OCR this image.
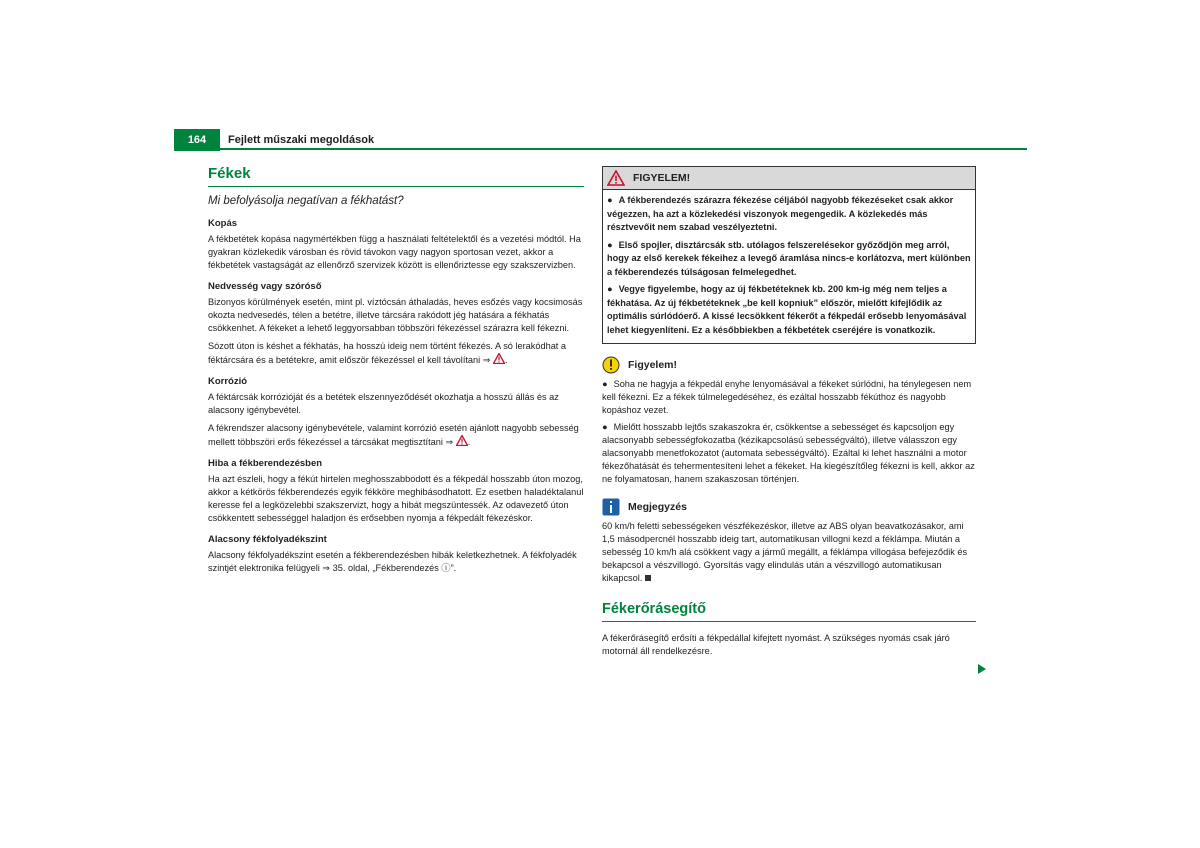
164	Fejlett műszaki megoldások
Fékek
Mi befolyásolja negatívan a fékhatást?
Kopás

A fékbetétek kopása nagymértékben függ a használati feltételektől és a vezetési módtól. Ha gyakran közlekedik városban és rövid távokon vagy nagyon sportosan vezet, akkor a fékbetétek vastagságát az ellenőrző szervizek között is ellenőriztesse egy szakszervizben.

Nedvesség vagy szóróső

Bizonyos körülmények esetén, mint pl. víztócsán áthaladás, heves esőzés vagy kocsimosás okozta nedvesedés, télen a betétre, illetve tárcsára rakódott jég hatására a fékhatás csökkenhet. A fékeket a lehető leggyorsabban többszöri fékezéssel szárazra kell fékezni.

Sózott úton is késhet a fékhatás, ha hosszú ideig nem történt fékezés. A só lerakódhat a féktárcsára és a betétekre, amit először fékezéssel el kell távolítani ⇒ .

Korrózió

A féktárcsák korrózióját és a betétek elszennyeződését okozhatja a hosszú állás és az alacsony igénybevétel.

A fékrendszer alacsony igénybevétele, valamint korrózió esetén ajánlott nagyobb sebesség mellett többszöri erős fékezéssel a tárcsákat megtisztítani ⇒ .

Hiba a fékberendezésben

Ha azt észleli, hogy a fékút hirtelen meghosszabbodott és a fékpedál hosszabb úton mozog, akkor a kétkörös fékberendezés egyik fékköre meghibásodhatott. Ez esetben haladéktalanul keresse fel a legközelebbi szakszervizt, hogy a hibát megszüntessék. Az odavezető úton csökkentett sebességgel haladjon és erősebben nyomja a fékpedált fékezéskor.

Alacsony fékfolyadékszint

Alacsony fékfolyadékszint esetén a fékberendezésben hibák keletkezhetnek. A fékfolyadék szintjét elektronika felügyeli ⇒ 35. oldal, „Fékberendezés ⓘ”.

FIGYELEM!

● A fékberendezés szárazra fékezése céljából nagyobb fékezéseket csak akkor végezzen, ha azt a közlekedési viszonyok megengedik. A közlekedés más résztvevőit nem szabad veszélyeztetni.

● Első spojler, disztárcsák stb. utólagos felszerelésekor győződjön meg arról, hogy az első kerekek fékeihez a levegő áramlása nincs-e korlátozva, mert különben a fékberendezés túlságosan felmelegedhet.

● Vegye figyelembe, hogy az új fékbetéteknek kb. 200 km-ig még nem teljes a fékhatása. Az új fékbetéteknek „be kell kopniuk” először, mielőtt kifejlődik az optimális súrlódóerő. A kissé lecsökkent fékerőt a fékpedál erősebb lenyomásával lehet kiegyenlíteni. Ez a későbbiekben a fékbetétek cseréjére is vonatkozik.

Figyelem!

● Soha ne hagyja a fékpedál enyhe lenyomásával a fékeket súrlódni, ha ténylegesen nem kell fékezni. Ez a fékek túlmelegedéséhez, és ezáltal hosszabb fékúthoz és nagyobb kopáshoz vezet.

● Mielőtt hosszabb lejtős szakaszokra ér, csökkentse a sebességet és kapcsoljon egy alacsonyabb sebességfokozatba (kézikapcsolású sebességváltó), illetve válasszon egy alacsonyabb menetfokozatot (automata sebességváltó). Ezáltal ki lehet használni a motor fékezőhatását és tehermentesíteni lehet a fékeket. Ha kiegészítőleg fékezni is kell, akkor az ne folyamatosan, hanem szakaszosan történjen.

Megjegyzés

60 km/h feletti sebességeken vészfékezéskor, illetve az ABS olyan beavatkozásakor, ami 1,5 másodpercnél hosszabb ideig tart, automatikusan villogni kezd a féklámpa. Miután a sebesség 10 km/h alá csökkent vagy a jármű megállt, a féklámpa villogása befejeződik és bekapcsol a vészvillogó. Gyorsítás vagy elindulás után a vészvillogó automatikusan kikapcsol.

Fékerőrásegítő

A fékerőrásegítő erősíti a fékpedállal kifejtett nyomást. A szükséges nyomás csak járó motornál áll rendelkezésre.
